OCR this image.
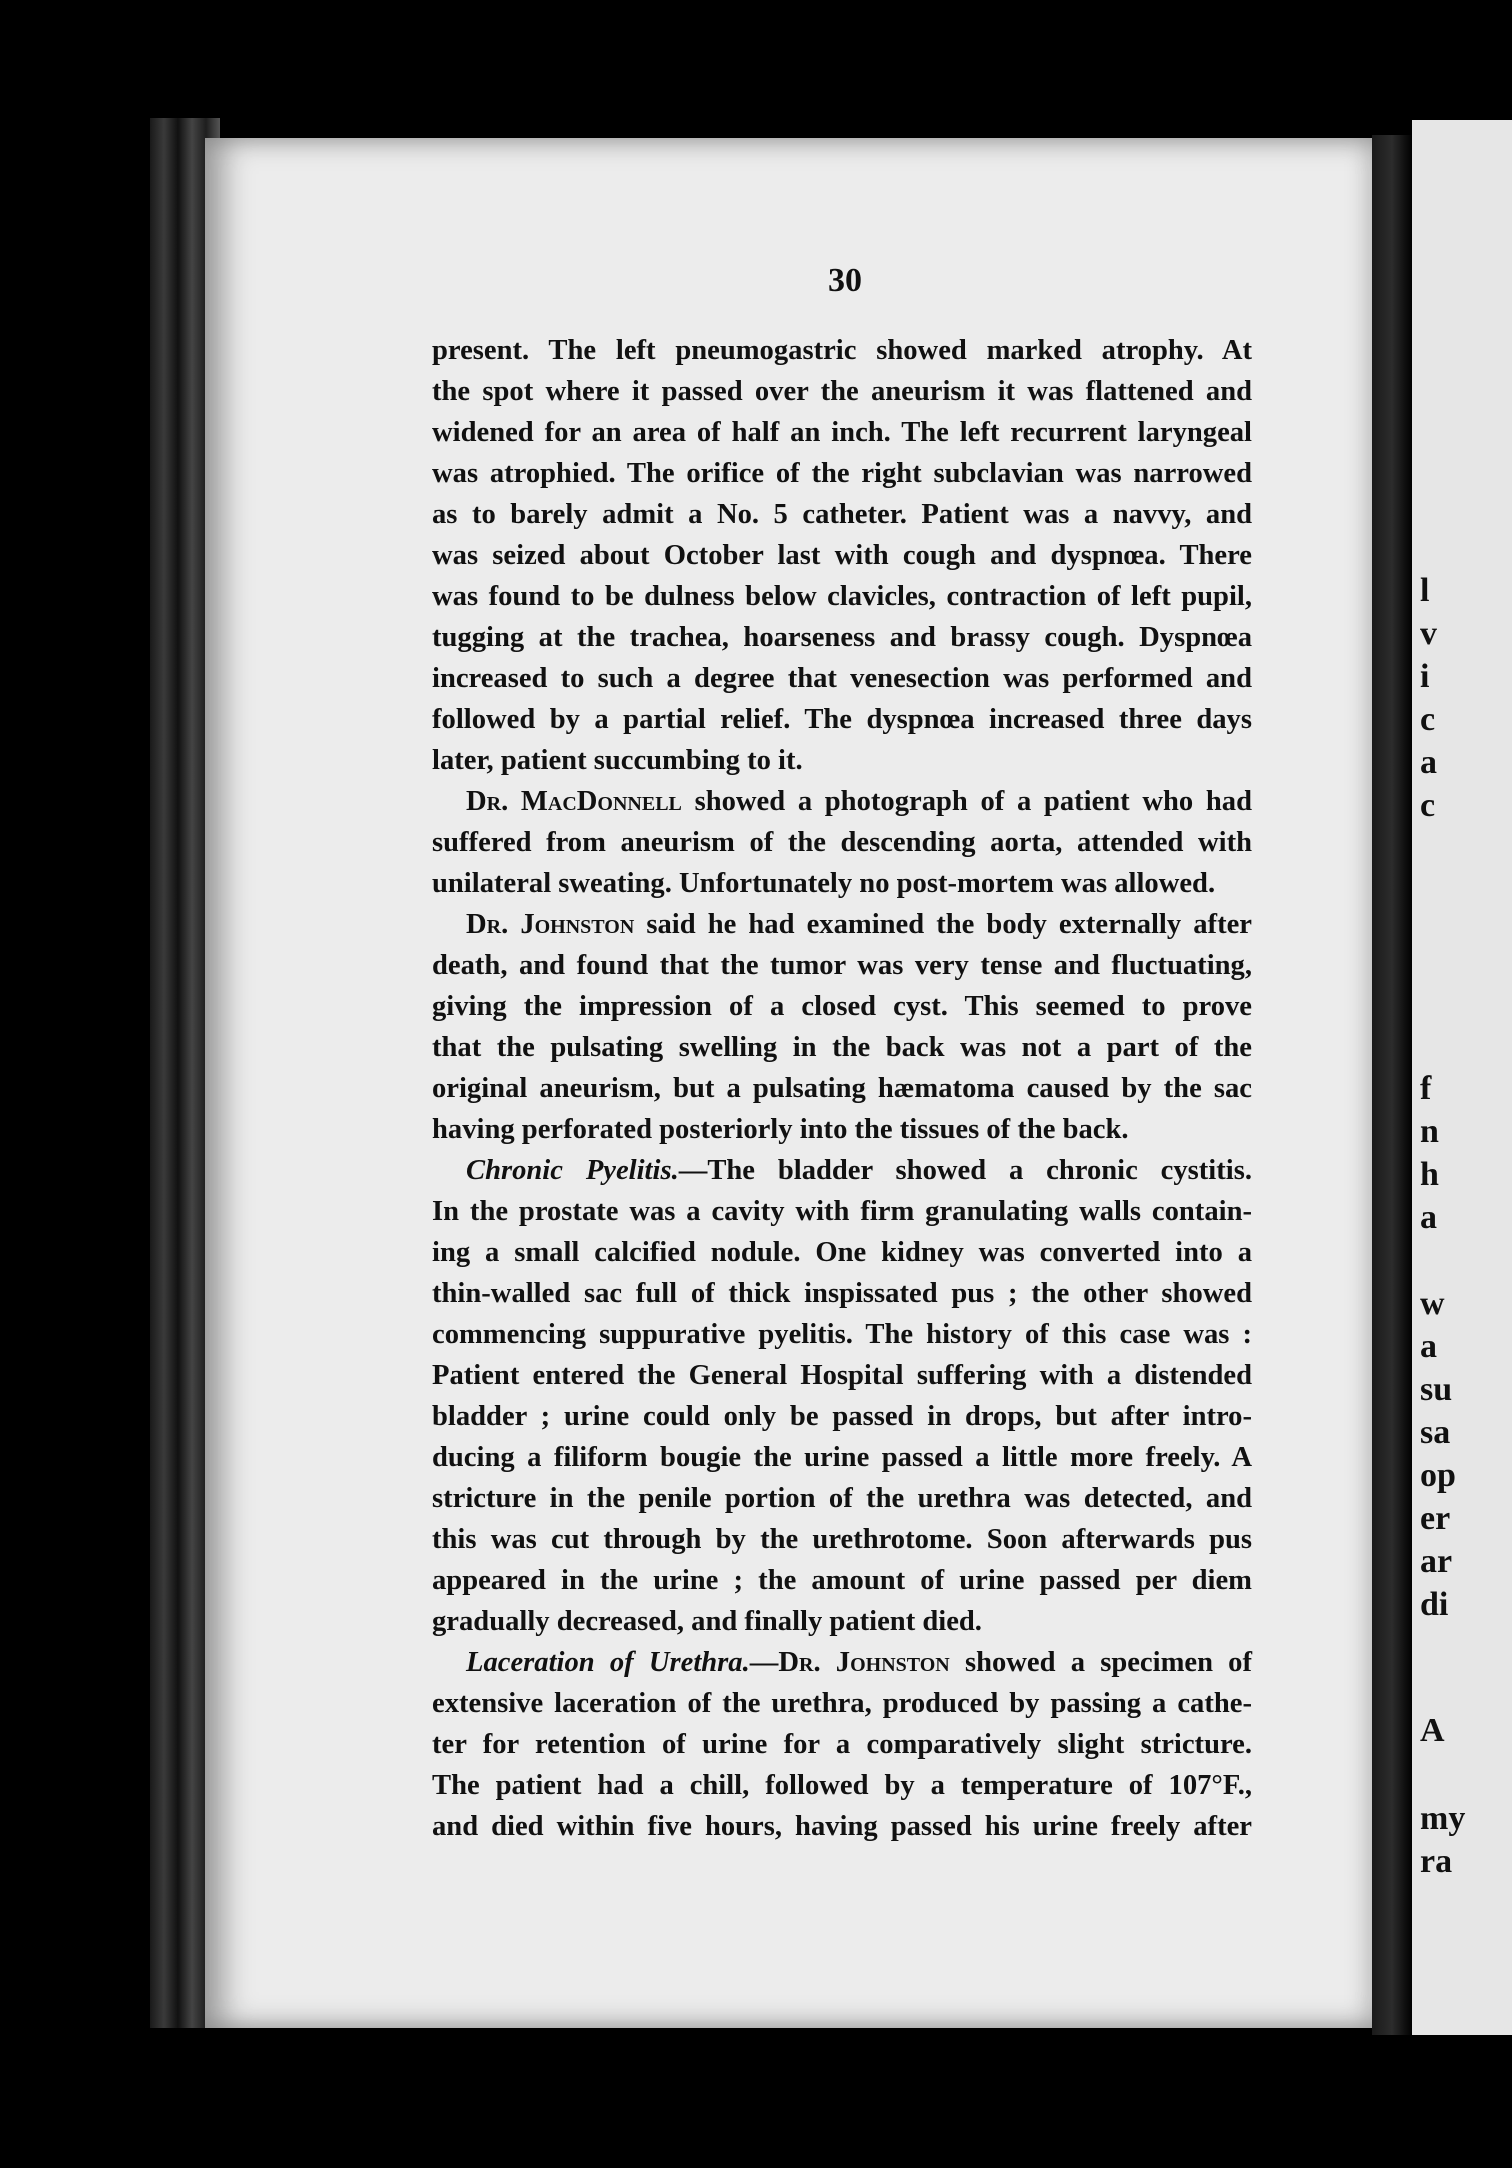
l
v
i
c
a
c
f
n
h
a
w
a
su
sa
op
er
ar
di
A
my
ra
30
present. The left pneumogastric showed marked atrophy. At
the spot where it passed over the aneurism it was flattened and
widened for an area of half an inch. The left recurrent laryngeal
was atrophied. The orifice of the right subclavian was narrowed
as to barely admit a No. 5 catheter. Patient was a navvy, and
was seized about October last with cough and dyspnœa. There
was found to be dulness below clavicles, contraction of left pupil,
tugging at the trachea, hoarseness and brassy cough. Dyspnœa
increased to such a degree that venesection was performed and
followed by a partial relief. The dyspnœa increased three days
later, patient succumbing to it.
Dr. MacDonnell showed a photograph of a patient who had
suffered from aneurism of the descending aorta, attended with
unilateral sweating. Unfortunately no post-mortem was allowed.
Dr. Johnston said he had examined the body externally after
death, and found that the tumor was very tense and fluctuating,
giving the impression of a closed cyst. This seemed to prove
that the pulsating swelling in the back was not a part of the
original aneurism, but a pulsating hæmatoma caused by the sac
having perforated posteriorly into the tissues of the back.
Chronic Pyelitis.—The bladder showed a chronic cystitis.
In the prostate was a cavity with firm granulating walls contain-
ing a small calcified nodule. One kidney was converted into a
thin-walled sac full of thick inspissated pus ; the other showed
commencing suppurative pyelitis. The history of this case was :
Patient entered the General Hospital suffering with a distended
bladder ; urine could only be passed in drops, but after intro-
ducing a filiform bougie the urine passed a little more freely. A
stricture in the penile portion of the urethra was detected, and
this was cut through by the urethrotome. Soon afterwards pus
appeared in the urine ; the amount of urine passed per diem
gradually decreased, and finally patient died.
Laceration of Urethra.—Dr. Johnston showed a specimen of
extensive laceration of the urethra, produced by passing a cathe-
ter for retention of urine for a comparatively slight stricture.
The patient had a chill, followed by a temperature of 107°F.,
and died within five hours, having passed his urine freely after
